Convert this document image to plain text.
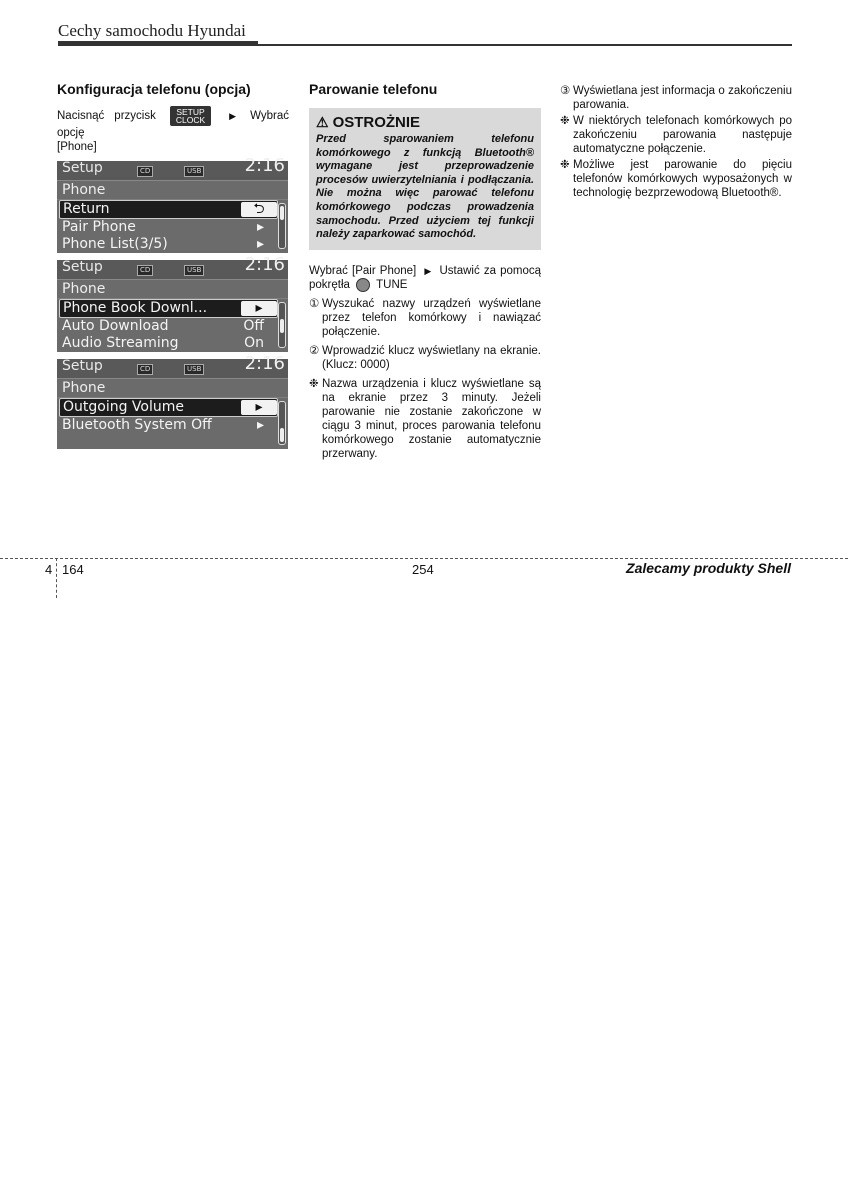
Cechy samochodu Hyundai
Konfiguracja telefonu (opcja)

Nacisnąć przycisk SETUP
CLOCK	▶ Wybrać opcję
[Phone]

Setup	CD	USB 2:16
Phone
Return	⮌
Pair Phone	▸
Phone List(3/5)	▸
Setup	CD	USB 2:16
Phone
Phone Book Downl...	▸
Auto Download	Off
Audio Streaming	On
Setup	CD	USB 2:16
Phone
Outgoing Volume	▸
Bluetooth System Off	▸
Parowanie telefonu
⚠ OSTROŻNIE
Przed sparowaniem telefonu komórkowego z funkcją Bluetooth® wymagane jest przeprowadzenie procesów uwierzytelniania i podłączania. Nie można więc parować telefonu komórkowego podczas prowadzenia samochodu. Przed użyciem tej funkcji należy zaparkować samochód.

Wybrać [Pair Phone] ▶ Ustawić za pomocą pokrętła TUNE

① Wyszukać nazwy urządzeń wyświetlane przez telefon komórkowy i nawiązać połączenie.
② Wprowadzić klucz wyświetlany na ekranie. (Klucz: 0000)
❉ Nazwa urządzenia i klucz wyświetlane są na ekranie przez 3 minuty. Jeżeli parowanie nie zostanie zakończone w ciągu 3 minut, proces parowania telefonu komórkowego zostanie automatycznie przerwany.
③ Wyświetlana jest informacja o zakończeniu parowania.
❉ W niektórych telefonach komórkowych po zakończeniu parowania następuje automatyczne połączenie.
❉ Możliwe jest parowanie do pięciu telefonów komórkowych wyposażonych w technologię bezprzewodową Bluetooth®.
4 164	254	Zalecamy produkty Shell
